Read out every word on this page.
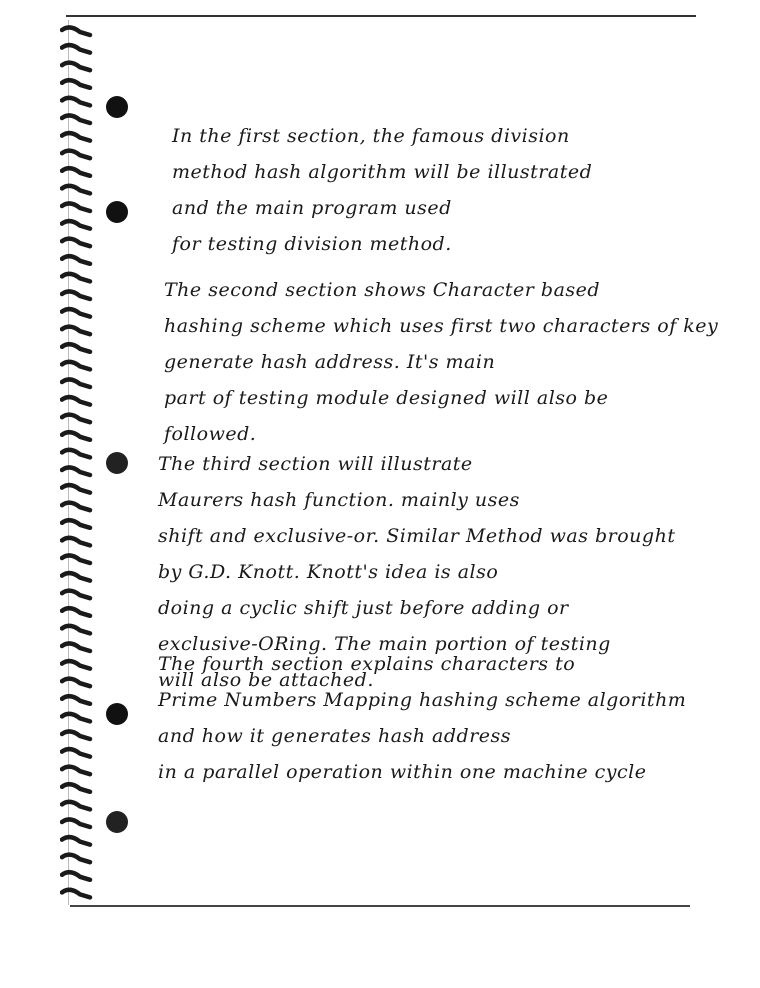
In the first section, the famous division
method hash algorithm will be illustrated
and the main program used
for testing division method.
The second section shows Character based
hashing scheme which uses first two characters of key
generate hash address. It's main
part of testing module designed will also be
followed.
The third section will illustrate
Maurers hash function. mainly uses
shift and exclusive-or. Similar Method was brought
by G.D. Knott. Knott's idea is also
doing a cyclic shift just before adding or
exclusive-ORing. The main portion of testing
will also be attached.
The fourth section explains characters to
Prime Numbers Mapping hashing scheme algorithm
and how it generates hash address
in a parallel operation within one machine cycle
